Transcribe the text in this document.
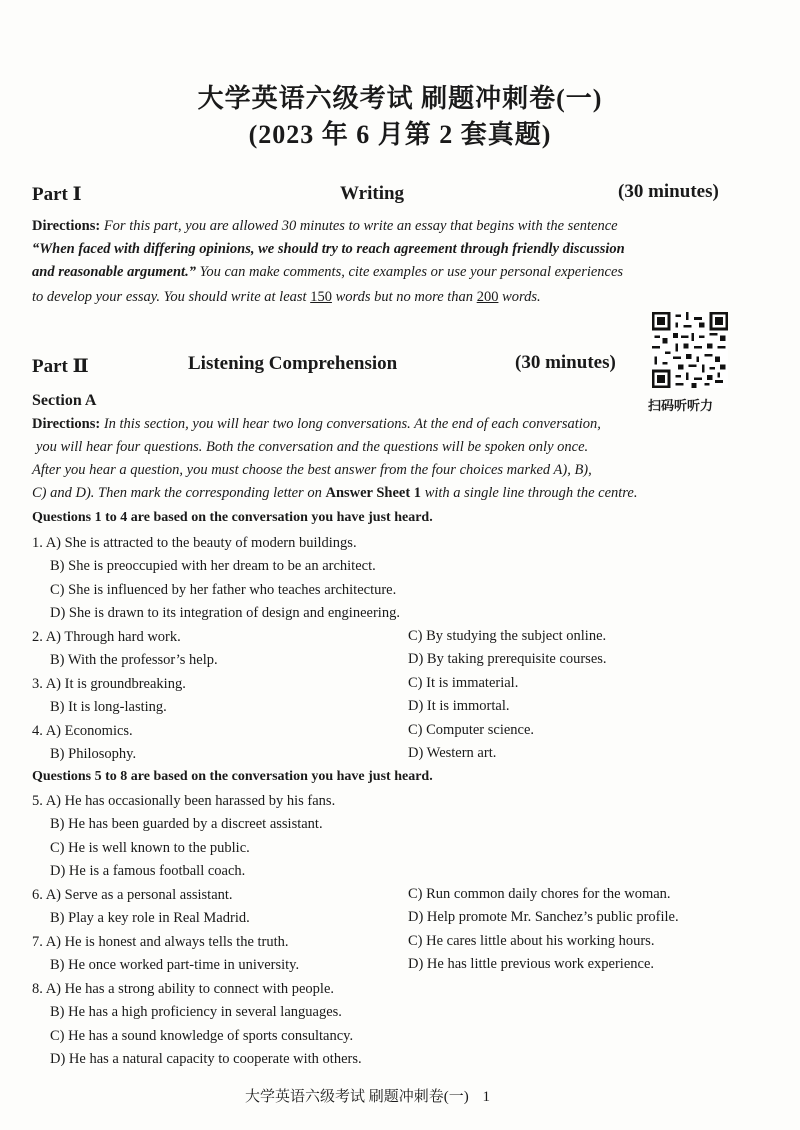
大学英语六级考试 刷题冲刺卷(一)
(2023 年 6 月第 2 套真题)
Part Ⅰ	Writing	(30 minutes)
Directions: For this part, you are allowed 30 minutes to write an essay that begins with the sentence
“When faced with differing opinions, we should try to reach agreement through friendly discussion
and reasonable argument.” You can make comments, cite examples or use your personal experiences
to develop your essay. You should write at least 150 words but no more than 200 words.
Part Ⅱ	Listening Comprehension	(30 minutes)
扫码听听力
Section A
Directions: In this section, you will hear two long conversations. At the end of each conversation,
you will hear four questions. Both the conversation and the questions will be spoken only once.
After you hear a question, you must choose the best answer from the four choices marked A), B),
C) and D). Then mark the corresponding letter on Answer Sheet 1 with a single line through the centre.
Questions 1 to 4 are based on the conversation you have just heard.
1. A) She is attracted to the beauty of modern buildings.
B) She is preoccupied with her dream to be an architect.
C) She is influenced by her father who teaches architecture.
D) She is drawn to its integration of design and engineering.
2. A) Through hard work.	C) By studying the subject online.
B) With the professor’s help.	D) By taking prerequisite courses.
3. A) It is groundbreaking.	C) It is immaterial.
B) It is long-lasting.	D) It is immortal.
4. A) Economics.	C) Computer science.
B) Philosophy.	D) Western art.
Questions 5 to 8 are based on the conversation you have just heard.
5. A) He has occasionally been harassed by his fans.
B) He has been guarded by a discreet assistant.
C) He is well known to the public.
D) He is a famous football coach.
6. A) Serve as a personal assistant.	C) Run common daily chores for the woman.
B) Play a key role in Real Madrid.	D) Help promote Mr. Sanchez’s public profile.
7. A) He is honest and always tells the truth.	C) He cares little about his working hours.
B) He once worked part-time in university.	D) He has little previous work experience.
8. A) He has a strong ability to connect with people.
B) He has a high proficiency in several languages.
C) He has a sound knowledge of sports consultancy.
D) He has a natural capacity to cooperate with others.
大学英语六级考试 刷题冲刺卷(一) 1
